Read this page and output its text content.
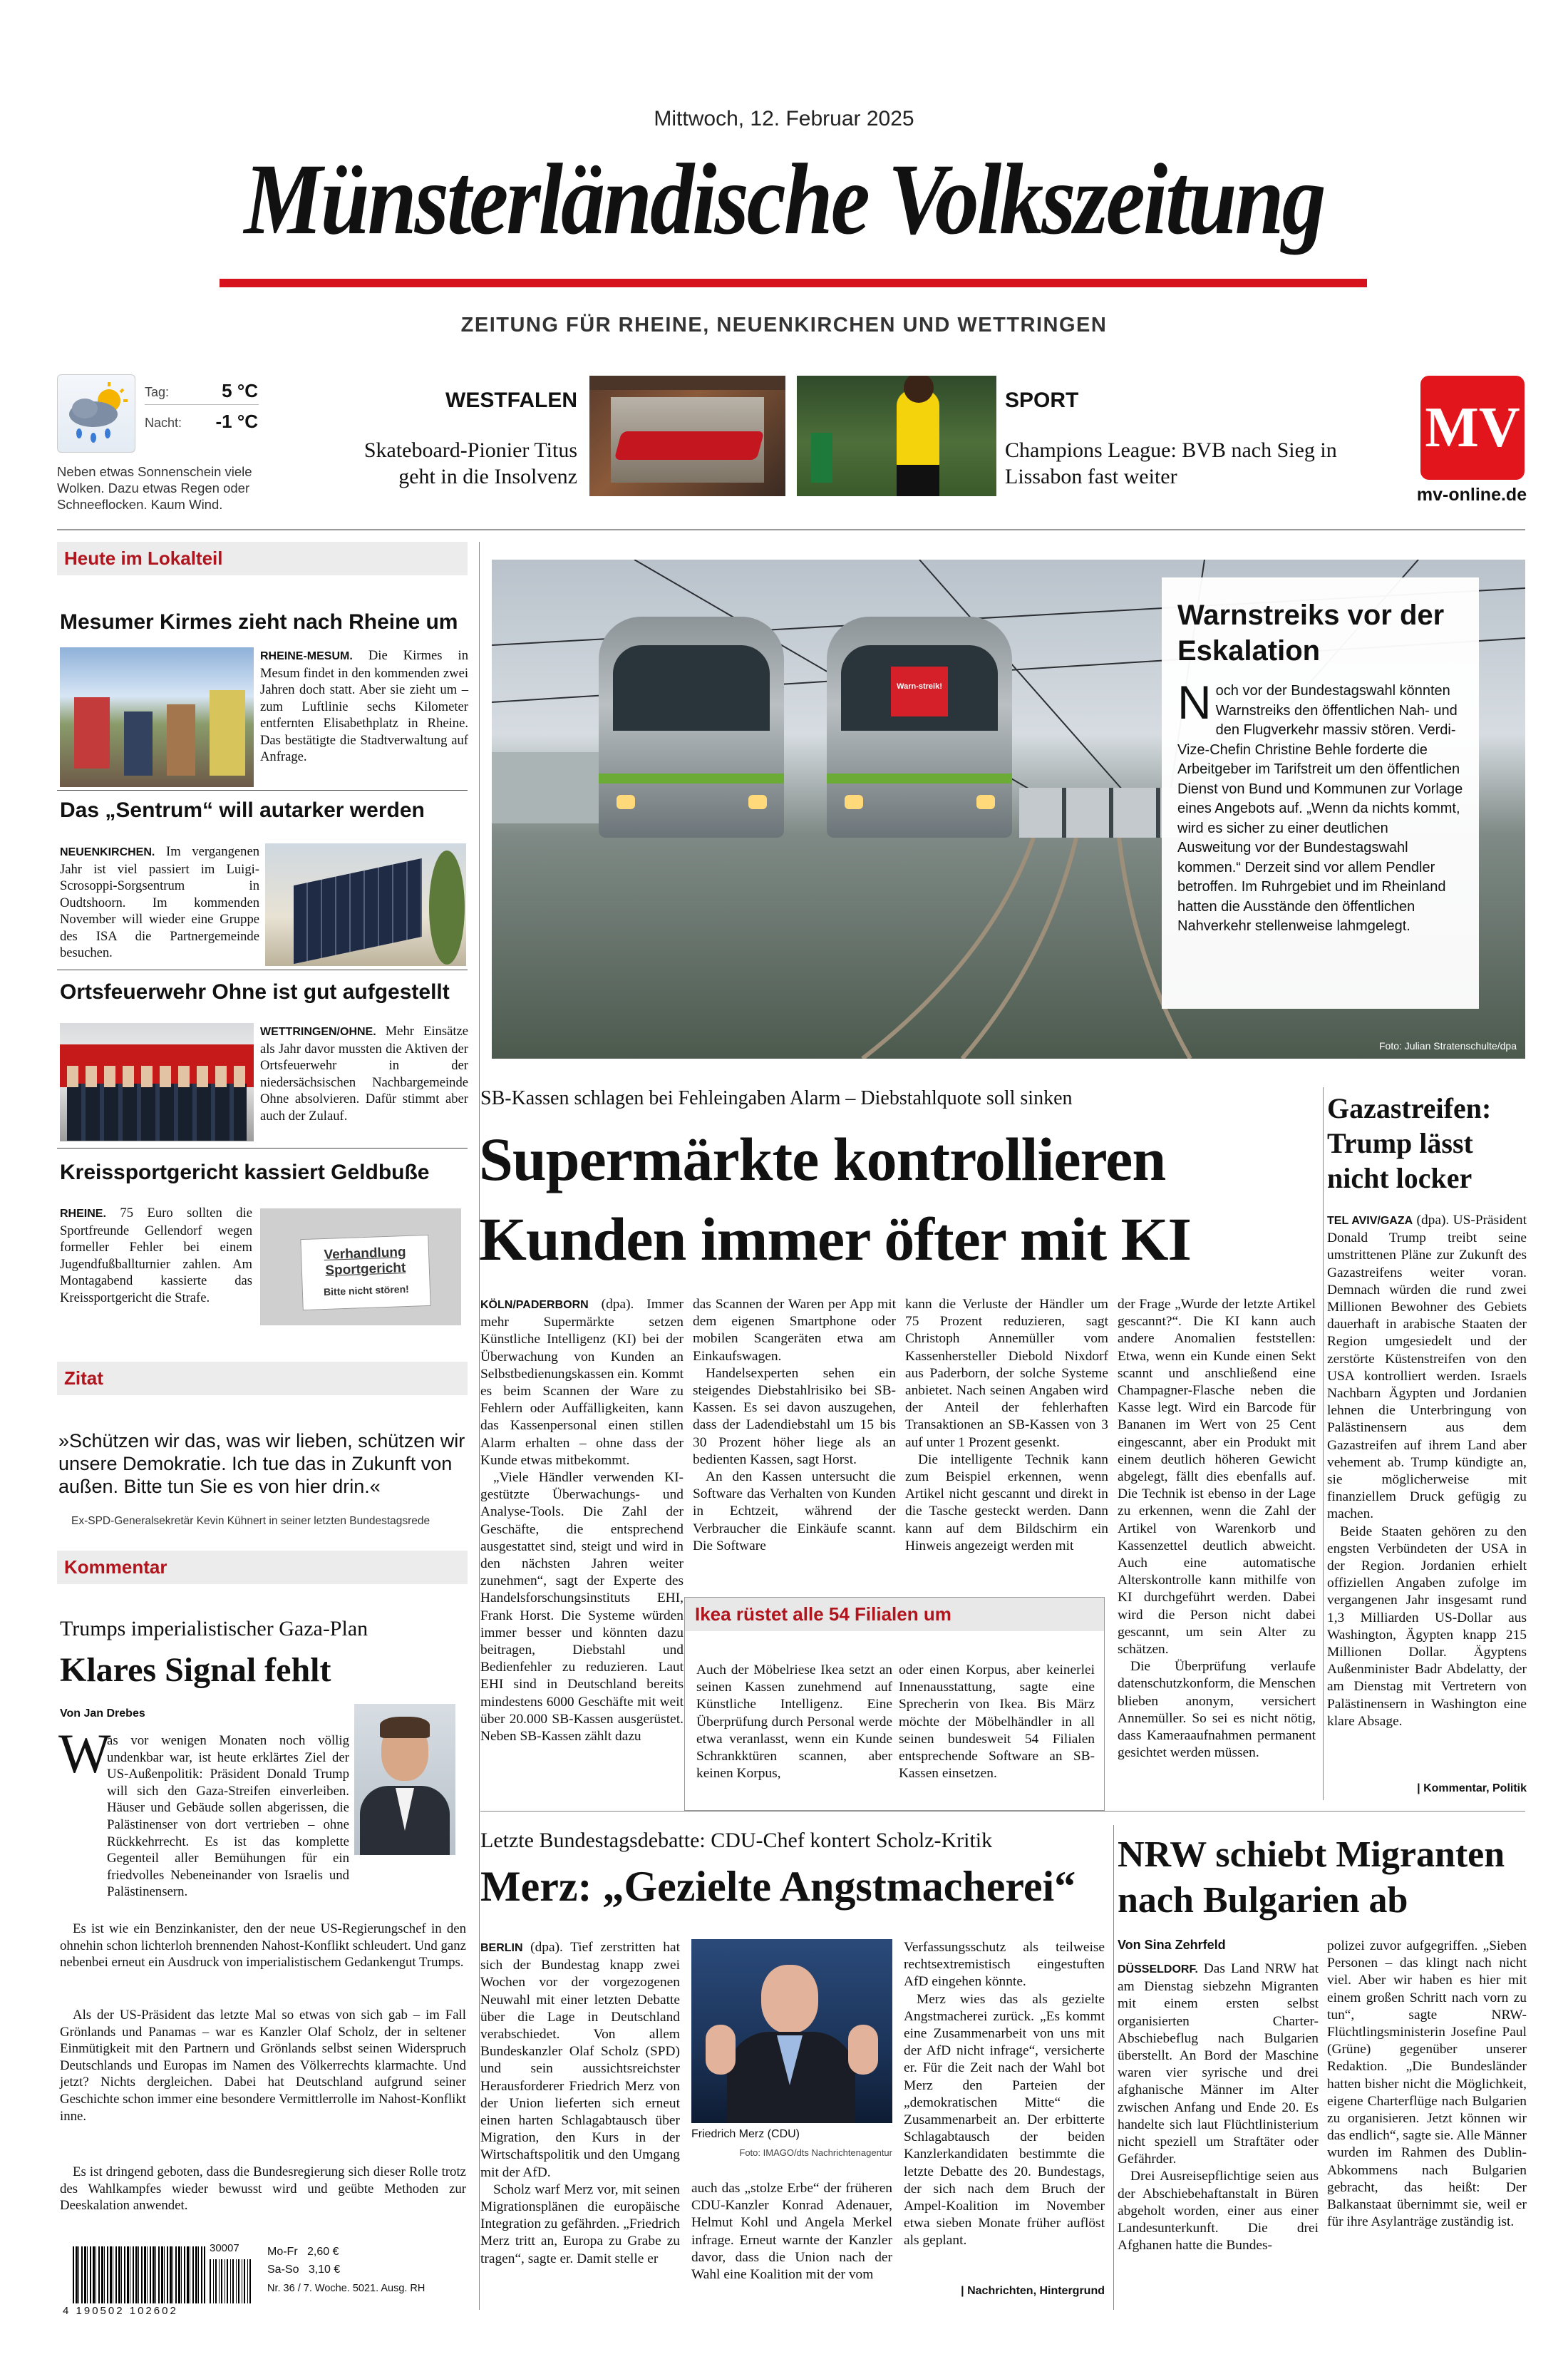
Mittwoch, 12. Februar 2025
Münsterländische Volkszeitung
ZEITUNG FÜR RHEINE, NEUENKIRCHEN UND WETTRINGEN
Tag:	5 °C
Nacht:	-1 °C
Neben etwas Sonnenschein viele Wolken. Dazu etwas Regen oder Schneeflocken. Kaum Wind.
WESTFALEN
Skateboard-Pionier Titus geht in die Insolvenz
SPORT
Champions League: BVB nach Sieg in Lissabon fast weiter
MV
mv-online.de
Heute im Lokalteil
Mesumer Kirmes zieht nach Rheine um
RHEINE-MESUM. Die Kirmes in Mesum findet in den kommenden zwei Jahren doch statt. Aber sie zieht um – zum Luftlinie sechs Kilometer entfernten Elisabethplatz in Rheine. Das bestätigte die Stadtverwaltung auf Anfrage.
Das „Sentrum“ will autarker werden
NEUENKIRCHEN. Im vergangenen Jahr ist viel passiert im Luigi-Scrosoppi-Sorgsentrum in Oudtshoorn. Im kommenden November will wieder eine Gruppe des ISA die Partnergemeinde besuchen.
Ortsfeuerwehr Ohne ist gut aufgestellt
WETTRINGEN/OHNE. Mehr Einsätze als Jahr davor mussten die Aktiven der Ortsfeuerwehr in der niedersächsischen Nachbargemeinde Ohne absolvieren. Dafür stimmt aber auch der Zulauf.
Kreissportgericht kassiert Geldbuße
RHEINE. 75 Euro sollten die Sportfreunde Gellendorf wegen formeller Fehler bei einem Jugendfußballturnier zahlen. Am Montagabend kassierte das Kreissportgericht die Strafe.
Verhandlung
Sportgericht
Bitte nicht stören!
Zitat
»Schützen wir das, was wir lieben, schützen wir unsere Demokratie. Ich tue das in Zukunft von außen. Bitte tun Sie es von hier drin.«
Ex-SPD-Generalsekretär Kevin Kühnert in seiner letzten Bundestagsrede
Kommentar
Trumps imperialistischer Gaza-Plan
Klares Signal fehlt
Von Jan Drebes
W
as vor wenigen Monaten noch völlig undenkbar war, ist heute erklärtes Ziel der US-Außenpolitik: Präsident Donald Trump will sich den Gaza-Streifen einverleiben. Häuser und Gebäude sollen abgerissen, die Palästinenser von dort vertrieben – ohne Rückkehrrecht. Es ist das komplette Gegenteil aller Bemühungen für ein friedvolles Nebeneinander von Israelis und Palästinensern.
Es ist wie ein Benzinkanister, den der neue US-Regierungschef in den ohnehin schon lichterloh brennenden Nahost-Konflikt schleudert. Und ganz nebenbei erneut ein Ausdruck von imperialistischem Gedankengut Trumps.
Als der US-Präsident das letzte Mal so etwas von sich gab – im Fall Grönlands und Panamas – war es Kanzler Olaf Scholz, der in seltener Einmütigkeit mit den Partnern und Grönlands selbst seinen Widerspruch Deutschlands und Europas im Namen des Völkerrechts klarmachte. Und jetzt? Nichts dergleichen. Dabei hat Deutschland aufgrund seiner Geschichte schon immer eine besondere Vermittlerrolle im Nahost-Konflikt inne.
Es ist dringend geboten, dass die Bundesregierung sich dieser Rolle trotz des Wahlkampfes wieder bewusst wird und geübte Methoden zur Deeskalation anwendet.
30007
4 190502 102602
Mo-Fr 2,60 €
Sa-So 3,10 €
Nr. 36 / 7. Woche. 5021. Ausg. RH
Warn-streik!
Warnstreiks vor der Eskalation
Noch vor der Bundestagswahl könnten Warnstreiks den öffentlichen Nah- und den Flugverkehr massiv stören. Verdi-Vize-Chefin Christine Behle forderte die Arbeitgeber im Tarifstreit um den öffentlichen Dienst von Bund und Kommunen zur Vorlage eines Angebots auf. „Wenn da nichts kommt, wird es sicher zu einer deutlichen Ausweitung vor der Bundestagswahl kommen.“ Derzeit sind vor allem Pendler betroffen. Im Ruhrgebiet und im Rheinland hatten die Ausstände den öffentlichen Nahverkehr stellenweise lahmgelegt.
Foto: Julian Stratenschulte/dpa
SB-Kassen schlagen bei Fehleingaben Alarm – Diebstahlquote soll sinken
Supermärkte kontrollieren Kunden immer öfter mit KI
KÖLN/PADERBORN (dpa). Immer mehr Supermärkte setzen Künstliche Intelligenz (KI) bei der Überwachung von Kunden an Selbstbedienungskassen ein. Kommt es beim Scannen der Ware zu Fehlern oder Auffälligkeiten, kann das Kassenpersonal einen stillen Alarm erhalten – ohne dass der Kunde etwas mitbekommt.
„Viele Händler verwenden KI-gestützte Überwachungs- und Analyse-Tools. Die Zahl der Geschäfte, die entsprechend ausgestattet sind, steigt und wird in den nächsten Jahren weiter zunehmen“, sagt der Experte des Handelsforschungsinstituts EHI, Frank Horst. Die Systeme würden immer besser und könnten dazu beitragen, Diebstahl und Bedienfehler zu reduzieren. Laut EHI sind in Deutschland bereits mindestens 6000 Geschäfte mit weit über 20.000 SB-Kassen ausgerüstet. Neben SB-Kassen zählt dazu
das Scannen der Waren per App mit dem eigenen Smartphone oder mobilen Scangeräten etwa am Einkaufswagen.
Handelsexperten sehen ein steigendes Diebstahlrisiko bei SB-Kassen. Es sei davon auszugehen, dass der Ladendiebstahl um 15 bis 30 Prozent höher liege als an bedienten Kassen, sagt Horst.
An den Kassen untersucht die Software das Verhalten von Kunden in Echtzeit, während der Verbraucher die Einkäufe scannt. Die Software
kann die Verluste der Händler um 75 Prozent reduzieren, sagt Christoph Annemüller vom Kassenhersteller Diebold Nixdorf aus Paderborn, der solche Systeme anbietet. Nach seinen Angaben wird der Anteil der fehlerhaften Transaktionen an SB-Kassen von 3 auf unter 1 Prozent gesenkt.
Die intelligente Technik kann zum Beispiel erkennen, wenn Artikel nicht gescannt und direkt in die Tasche gesteckt werden. Dann kann auf dem Bildschirm ein Hinweis angezeigt werden mit
der Frage „Wurde der letzte Artikel gescannt?“. Die KI kann auch andere Anomalien feststellen: Etwa, wenn ein Kunde einen Sekt scannt und anschließend eine Champagner-Flasche neben die Kasse legt. Wird ein Barcode für Bananen im Wert von 25 Cent eingescannt, aber ein Produkt mit einem deutlich höheren Gewicht abgelegt, fällt dies ebenfalls auf. Die Technik ist ebenso in der Lage zu erkennen, wenn die Zahl der Artikel von Warenkorb und Kassenzettel deutlich abweicht. Auch eine automatische Alterskontrolle kann mithilfe von KI durchgeführt werden. Dabei wird die Person nicht dabei gescannt, um sein Alter zu schätzen.
Die Überprüfung verlaufe datenschutzkonform, die Menschen blieben anonym, versichert Annemüller. So sei es nicht nötig, dass Kameraaufnahmen permanent gesichtet werden müssen.
Ikea rüstet alle 54 Filialen um
Auch der Möbelriese Ikea setzt an seinen Kassen zunehmend auf Künstliche Intelligenz. Eine Überprüfung durch Personal werde etwa veranlasst, wenn ein Kunde Schrankktüren scannen, aber keinen Korpus,
oder einen Korpus, aber keinerlei Innenausstattung, sagte eine Sprecherin von Ikea. Bis März möchte der Möbelhändler in all seinen bundesweit 54 Filialen entsprechende Software an SB-Kassen einsetzen.
Gazastreifen: Trump lässt nicht locker
TEL AVIV/GAZA (dpa). US-Präsident Donald Trump treibt seine umstrittenen Pläne zur Zukunft des Gazastreifens weiter voran. Demnach würden die rund zwei Millionen Bewohner des Gebiets dauerhaft in arabische Staaten der Region umgesiedelt und der zerstörte Küstenstreifen von den USA kontrolliert werden. Israels Nachbarn Ägypten und Jordanien lehnen die Unterbringung von Palästinensern aus dem Gazastreifen auf ihrem Land aber vehement ab. Trump kündigte an, sie möglicherweise mit finanziellem Druck gefügig zu machen.
Beide Staaten gehören zu den engsten Verbündeten der USA in der Region. Jordanien erhielt offiziellen Angaben zufolge im vergangenen Jahr insgesamt rund 1,3 Milliarden US-Dollar aus Washington, Ägypten knapp 215 Millionen Dollar. Ägyptens Außenminister Badr Abdelatty, der am Dienstag mit Vertretern von Palästinensern in Washington eine klare Absage.
| Kommentar, Politik
Letzte Bundestagsdebatte: CDU-Chef kontert Scholz-Kritik
Merz: „Gezielte Angstmacherei“
BERLIN (dpa). Tief zerstritten hat sich der Bundestag knapp zwei Wochen vor der vorgezogenen Neuwahl mit einer letzten Debatte über die Lage in Deutschland verabschiedet. Von allem Bundeskanzler Olaf Scholz (SPD) und sein aussichtsreichster Herausforderer Friedrich Merz von der Union lieferten sich erneut einen harten Schlagabtausch über Migration, den Kurs in der Wirtschaftspolitik und den Umgang mit der AfD.
Scholz warf Merz vor, mit seinen Migrationsplänen die europäische Integration zu gefährden. „Friedrich Merz tritt an, Europa zu Grabe zu tragen“, sagte er. Damit stelle er
Friedrich Merz (CDU)
Foto: IMAGO/dts Nachrichtenagentur
auch das „stolze Erbe“ der früheren CDU-Kanzler Konrad Adenauer, Helmut Kohl und Angela Merkel infrage. Erneut warnte der Kanzler davor, dass die Union nach der Wahl eine Koalition mit der vom
Verfassungsschutz als teilweise rechtsextremistisch eingestuften AfD eingehen könnte.
Merz wies das als gezielte Angstmacherei zurück. „Es kommt eine Zusammenarbeit von uns mit der AfD nicht infrage“, versicherte er. Für die Zeit nach der Wahl bot Merz den Parteien der „demokratischen Mitte“ die Zusammenarbeit an. Der erbitterte Schlagabtausch der beiden Kanzlerkandidaten bestimmte die letzte Debatte des 20. Bundestags, der sich nach dem Bruch der Ampel-Koalition im November etwa sieben Monate früher auflöst als geplant.
| Nachrichten, Hintergrund
NRW schiebt Migranten nach Bulgarien ab
Von Sina Zehrfeld
DÜSSELDORF. Das Land NRW hat am Dienstag siebzehn Migranten mit einem ersten selbst organisierten Charter-Abschiebeflug nach Bulgarien überstellt. An Bord der Maschine waren vier syrische und drei afghanische Männer im Alter zwischen Anfang und Ende 20. Es handelte sich laut Flüchtlinisterium nicht speziell um Straftäter oder Gefährder.
Drei Ausreisepflichtige seien aus der Abschiebehaftanstalt in Büren abgeholt worden, einer aus einer Landesunterkunft. Die drei Afghanen hatte die Bundes-
polizei zuvor aufgegriffen. „Sieben Personen – das klingt nach nicht viel. Aber wir haben es hier mit einem großen Schritt nach vorn zu tun“, sagte NRW-Flüchtlingsministerin Josefine Paul (Grüne) gegenüber unserer Redaktion. „Die Bundesländer hatten bisher nicht die Möglichkeit, eigene Charterflüge nach Bulgarien zu organisieren. Jetzt können wir das endlich“, sagte sie. Alle Männer wurden im Rahmen des Dublin-Abkommens nach Bulgarien gebracht, das heißt: Der Balkanstaat übernimmt sie, weil er für ihre Asylanträge zuständig ist.
